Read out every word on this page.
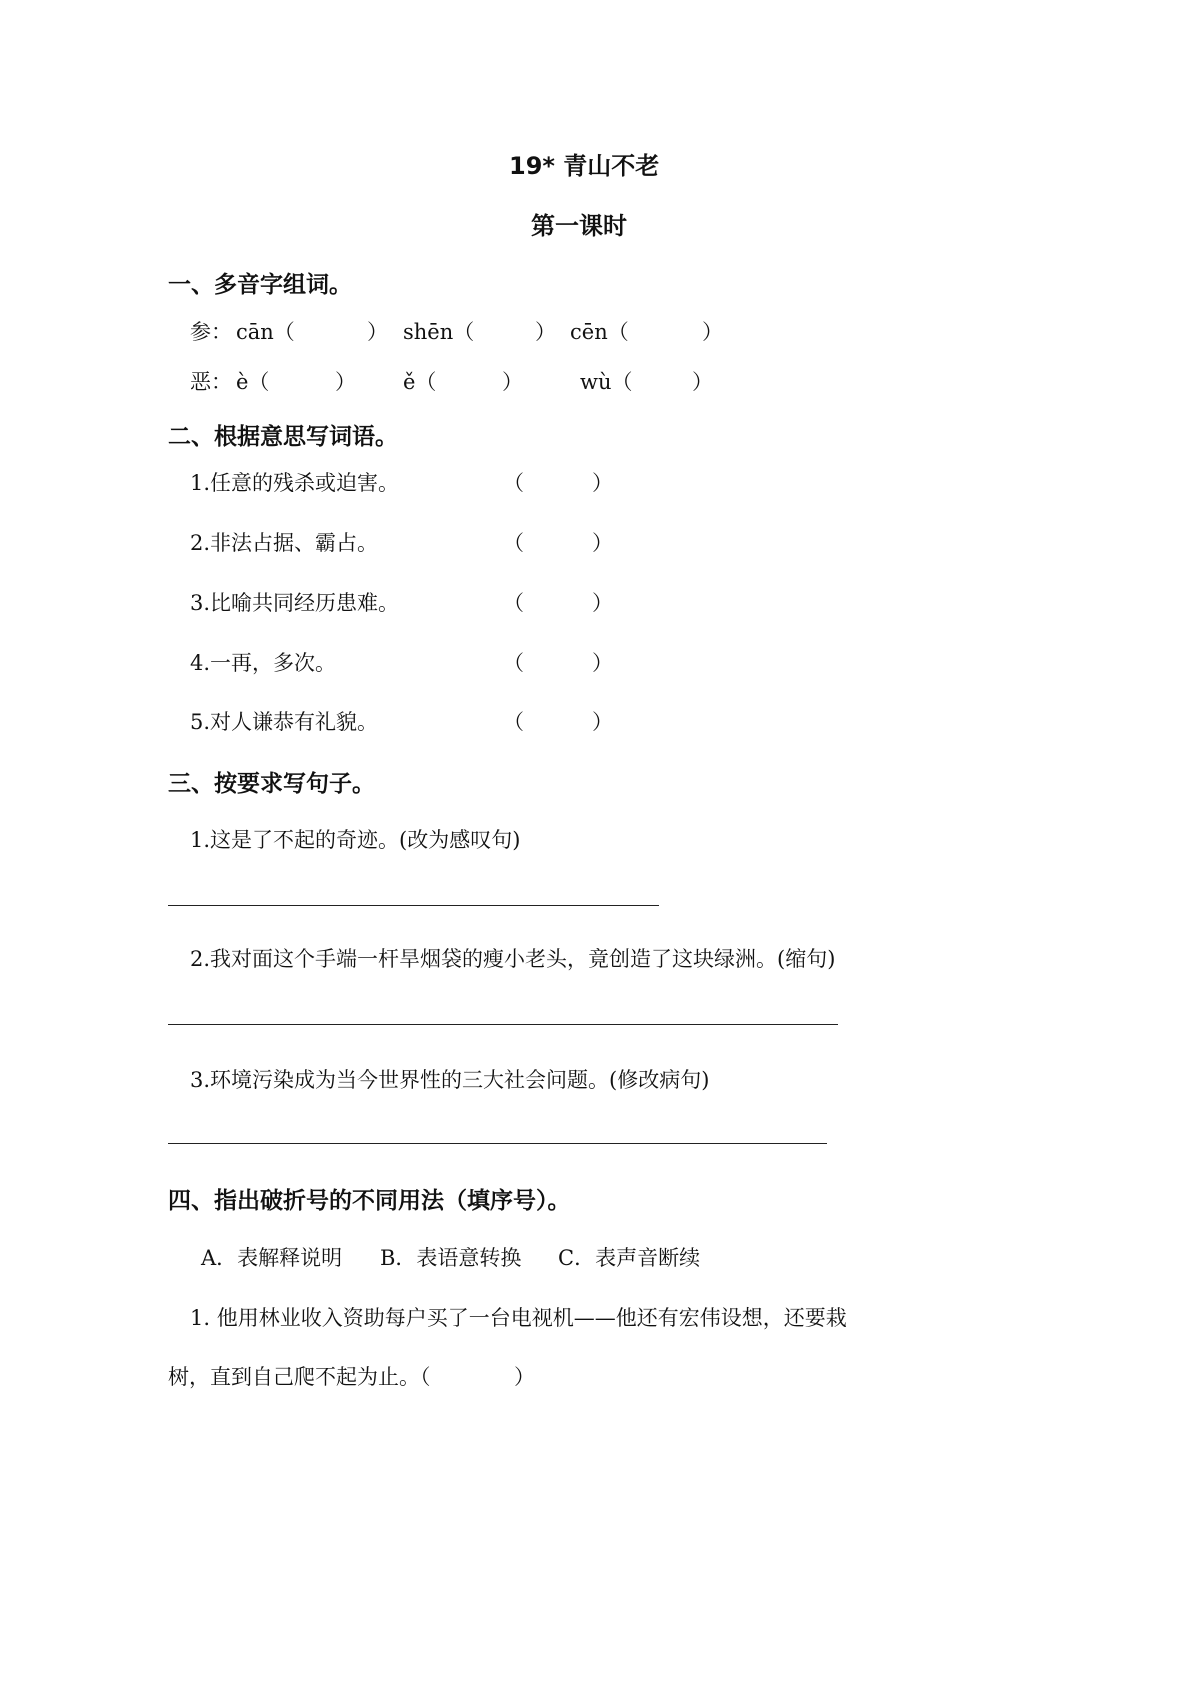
19* 青山不老
第一课时
一、多音字组词。
参： cān（	） shēn（	） cēn（	）
恶： è（	） ě（	）	wù（	）
二、根据意思写词语。
1.任意的残杀或迫害。	（	）
2.非法占据、霸占。	（	）
3.比喻共同经历患难。	（	）
4.一再，多次。	（	）
5.对人谦恭有礼貌。	（	）
三、按要求写句子。
1.这是了不起的奇迹。(改为感叹句)
2.我对面这个手端一杆旱烟袋的瘦小老头，竟创造了这块绿洲。(缩句)
3.环境污染成为当今世界性的三大社会问题。(修改病句)
四、指出破折号的不同用法（填序号）。
A．表解释说明 B．表语意转换 C．表声音断续
1. 他用林业收入资助每户买了一台电视机——他还有宏伟设想，还要栽
树，直到自己爬不起为止。（	）
